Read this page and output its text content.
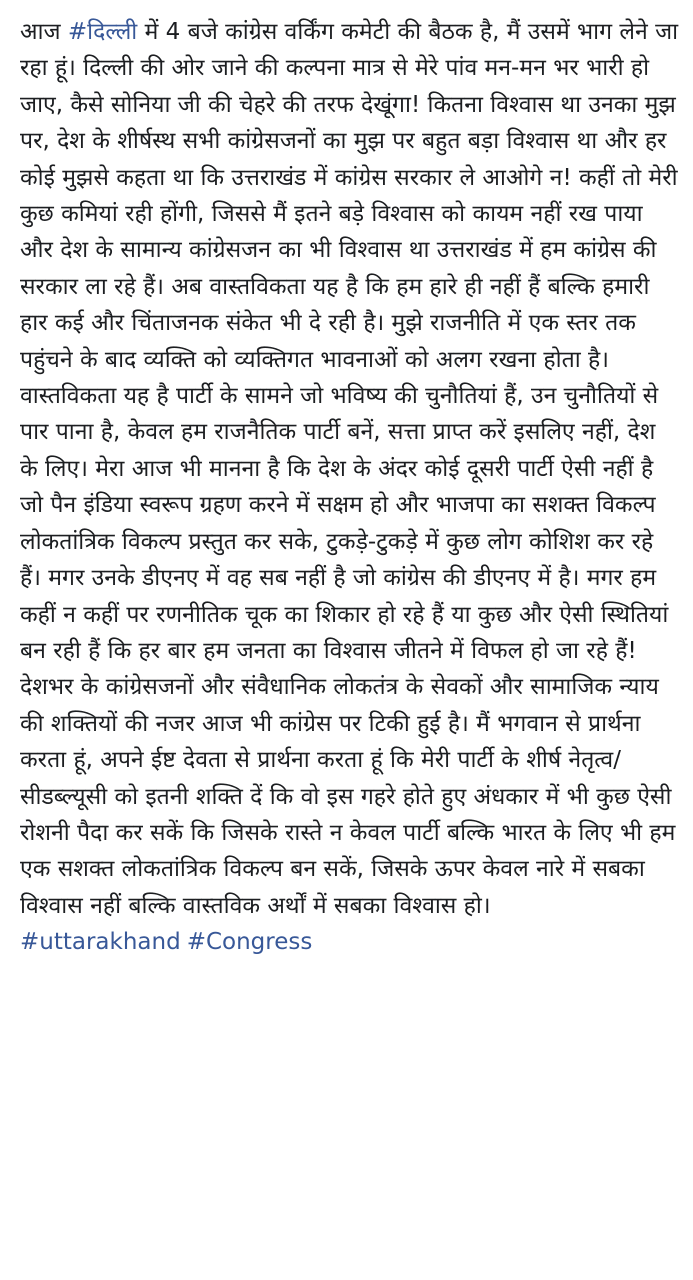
आज #दिल्ली में 4 बजे कांग्रेस वर्किंग कमेटी की बैठक है, मैं उसमें भाग लेने जा रहा हूं। दिल्ली की ओर जाने की कल्पना मात्र से मेरे पांव मन-मन भर भारी हो जाए, कैसे सोनिया जी की चेहरे की तरफ देखूंगा! कितना विश्वास था उनका मुझ पर, देश के शीर्षस्थ सभी कांग्रेसजनों का मुझ पर बहुत बड़ा विश्वास था और हर कोई मुझसे कहता था कि उत्तराखंड में कांग्रेस सरकार ले आओगे न! कहीं तो मेरी कुछ कमियां रही होंगी, जिससे मैं इतने बड़े विश्वास को कायम नहीं रख पाया और देश के सामान्य कांग्रेसजन का भी विश्वास था उत्तराखंड में हम कांग्रेस की सरकार ला रहे हैं। अब वास्तविकता यह है कि हम हारे ही नहीं हैं बल्कि हमारी हार कई और चिंताजनक संकेत भी दे रही है। मुझे राजनीति में एक स्तर तक पहुंचने के बाद व्यक्ति को व्यक्तिगत भावनाओं को अलग रखना होता है।
वास्तविकता यह है पार्टी के सामने जो भविष्य की चुनौतियां हैं, उन चुनौतियों से पार पाना है, केवल हम राजनैतिक पार्टी बनें, सत्ता प्राप्त करें इसलिए नहीं, देश के लिए। मेरा आज भी मानना है कि देश के अंदर कोई दूसरी पार्टी ऐसी नहीं है जो पैन इंडिया स्वरूप ग्रहण करने में सक्षम हो और भाजपा का सशक्त विकल्प लोकतांत्रिक विकल्प प्रस्तुत कर सके, टुकड़े-टुकड़े में कुछ लोग कोशिश कर रहे हैं। मगर उनके डीएनए में वह सब नहीं है जो कांग्रेस की डीएनए में है। मगर हम कहीं न कहीं पर रणनीतिक चूक का शिकार हो रहे हैं या कुछ और ऐसी स्थितियां बन रही हैं कि हर बार हम जनता का विश्वास जीतने में विफल हो जा रहे हैं! देशभर के कांग्रेसजनों और संवैधानिक लोकतंत्र के सेवकों और सामाजिक न्याय की शक्तियों की नजर आज भी कांग्रेस पर टिकी हुई है। मैं भगवान से प्रार्थना करता हूं, अपने ईष्ट देवता से प्रार्थना करता हूं कि मेरी पार्टी के शीर्ष नेतृत्व/सीडब्ल्यूसी को इतनी शक्ति दें कि वो इस गहरे होते हुए अंधकार में भी कुछ ऐसी रोशनी पैदा कर सकें कि जिसके रास्ते न केवल पार्टी बल्कि भारत के लिए भी हम एक सशक्त लोकतांत्रिक विकल्प बन सकें, जिसके ऊपर केवल नारे में सबका विश्वास नहीं बल्कि वास्तविक अर्थों में सबका विश्वास हो।

#uttarakhand #Congress
